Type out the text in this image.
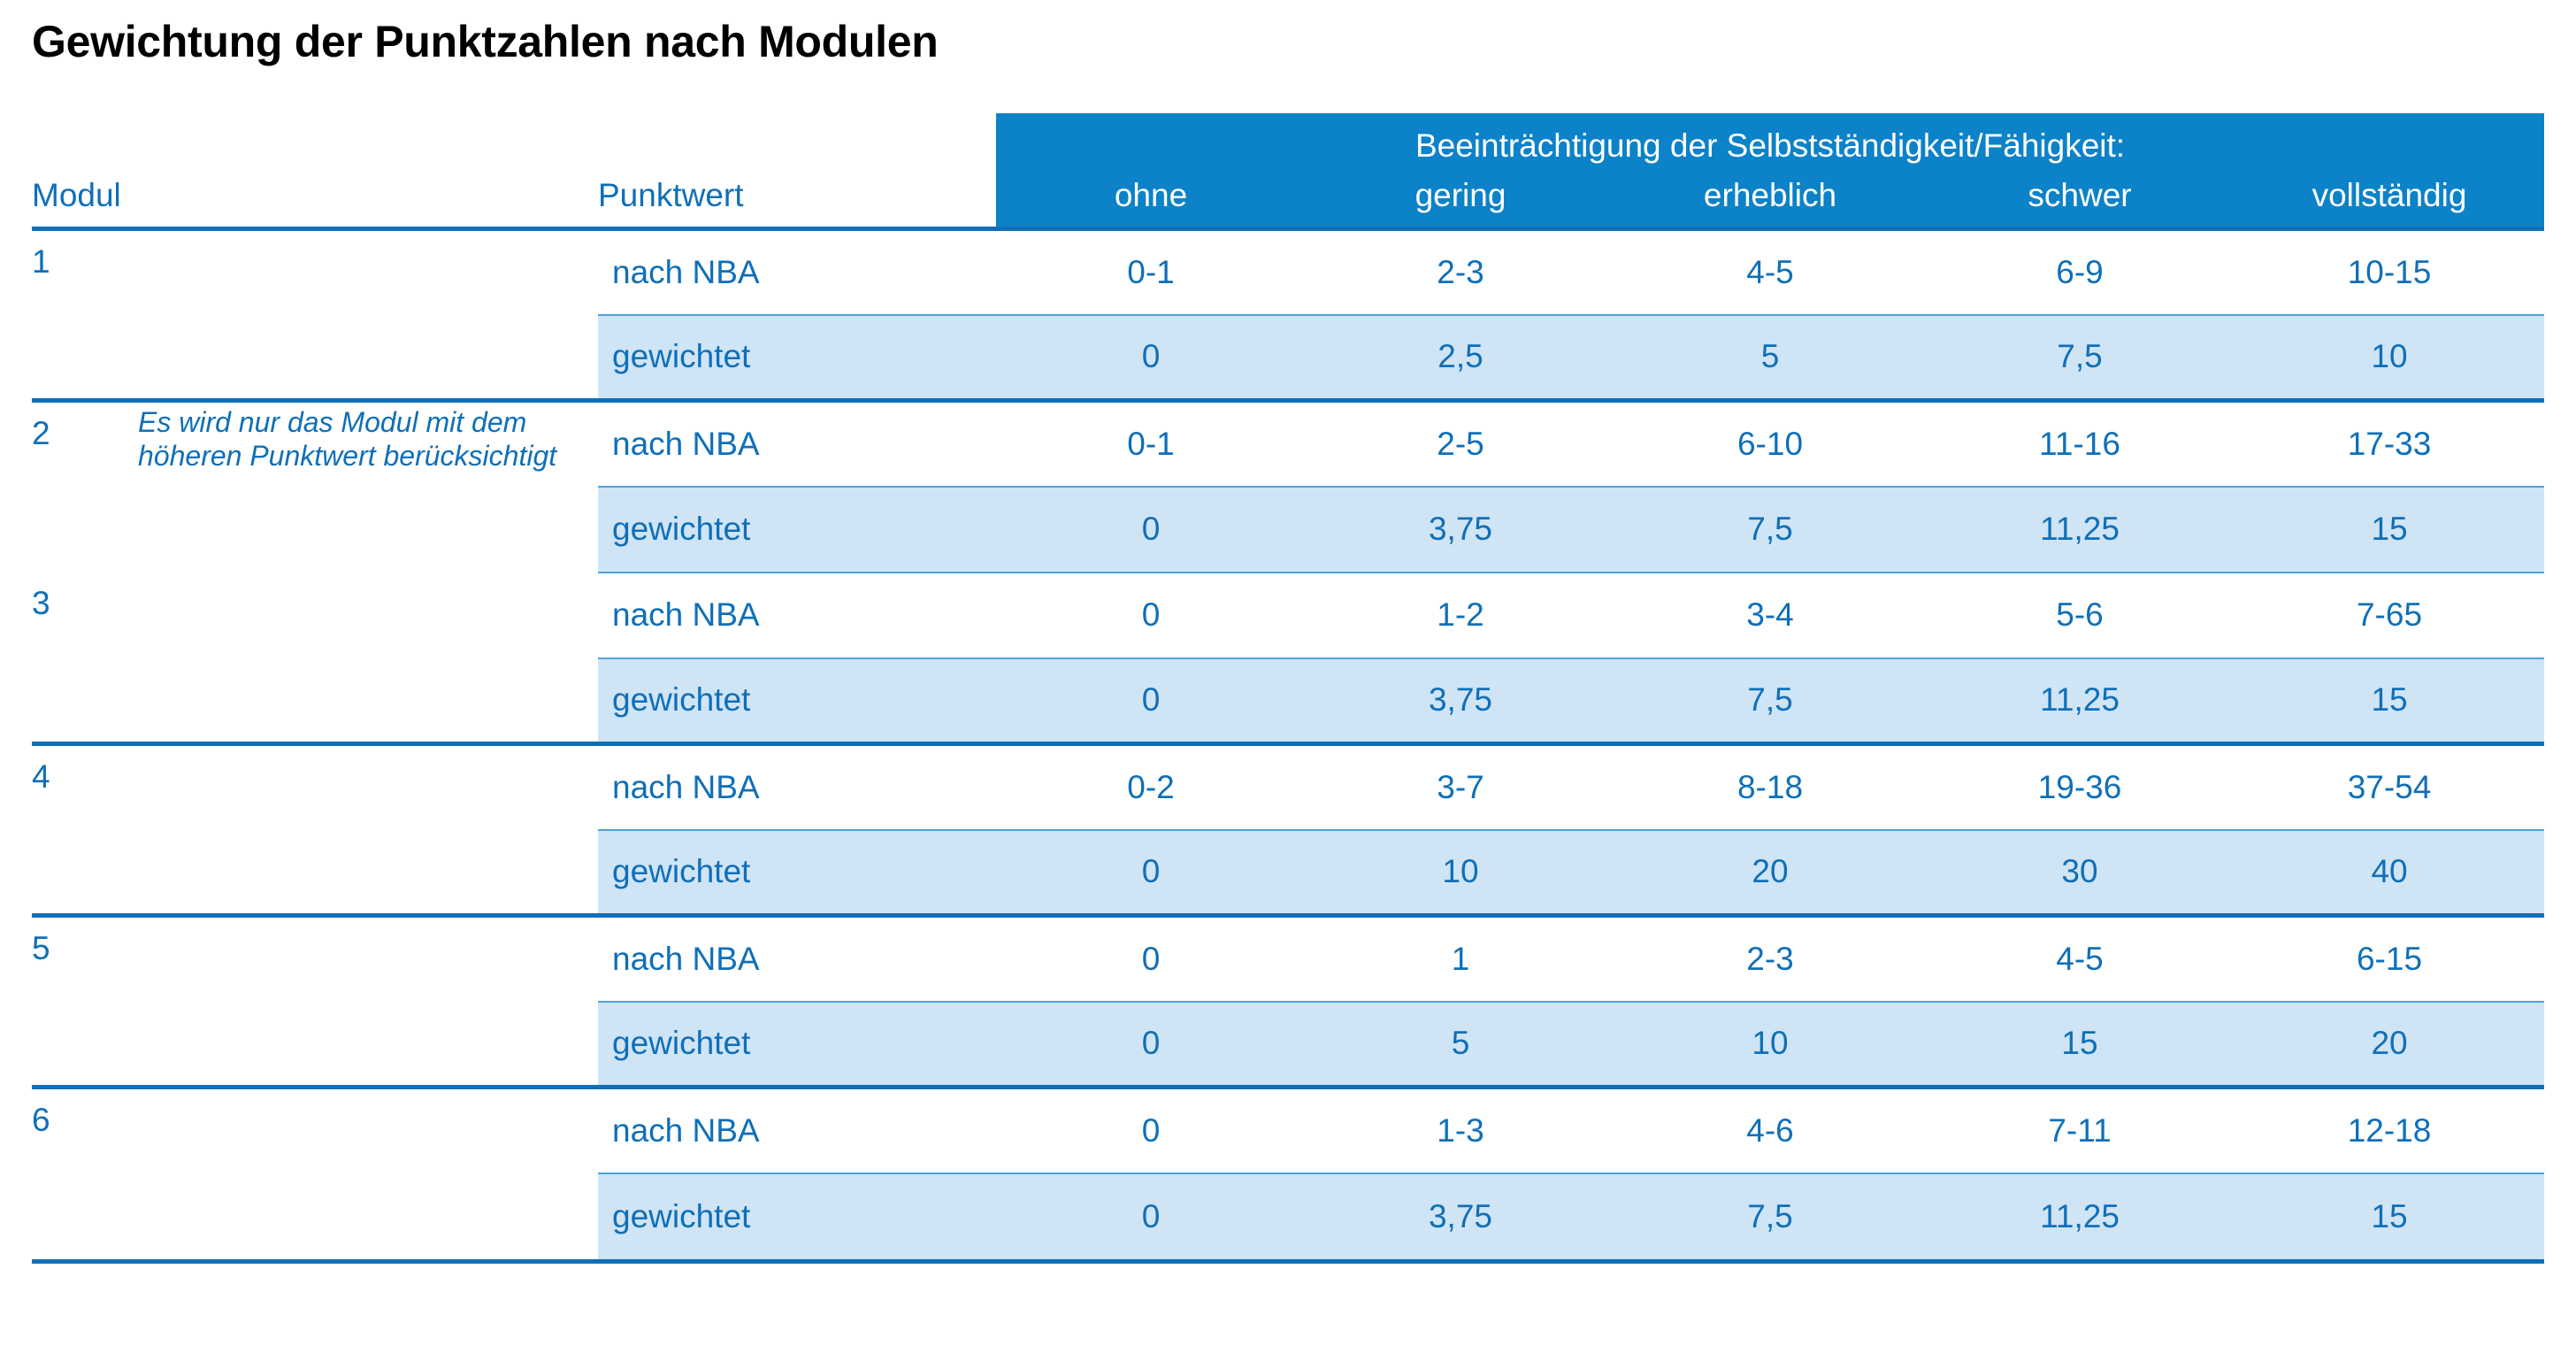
Gewichtung der Punktzahlen nach Modulen
			Beeinträchtigung der Selbstständigkeit/Fähigkeit:				
Modul		Punktwert	ohne	gering	erheblich	schwer	vollständig

1		nach NBA	0-1	2-3	4-5	6-9	10-15
		gewichtet	0	2,5	5	7,5	10
2	Es wird nur das Modul mit dem höheren Punktwert berücksichtigt	nach NBA	0-1	2-5	6-10	11-16	17-33
		gewichtet	0	3,75	7,5	11,25	15
3		nach NBA	0	1-2	3-4	5-6	7-65
		gewichtet	0	3,75	7,5	11,25	15
4		nach NBA	0-2	3-7	8-18	19-36	37-54
		gewichtet	0	10	20	30	40
5		nach NBA	0	1	2-3	4-5	6-15
		gewichtet	0	5	10	15	20
6		nach NBA	0	1-3	4-6	7-11	12-18
		gewichtet	0	3,75	7,5	11,25	15
